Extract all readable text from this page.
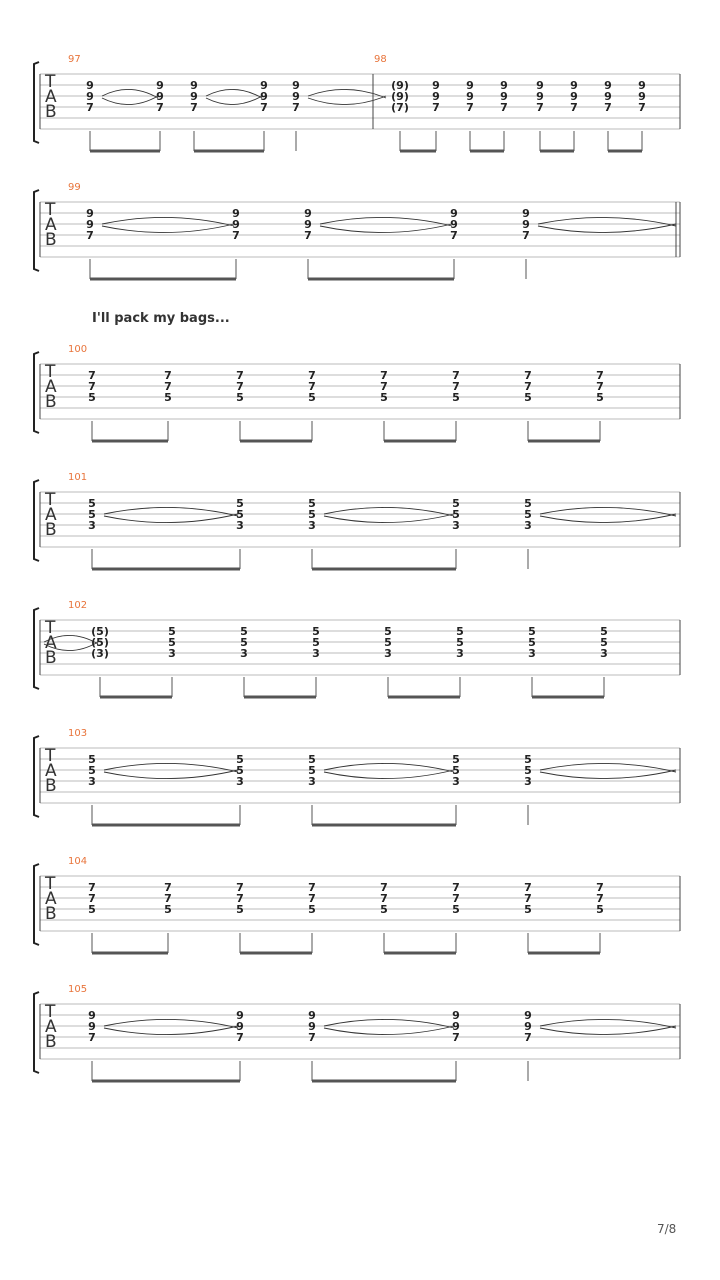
T
A
B
97
9
9
7
9
9
7
9
9
7
9
9
7
9
9
7
98
(9)
(9)
(7)
9
9
7
9
9
7
9
9
7
9
9
7
9
9
7
9
9
7
9
9
7
T
A
B
99
9
9
7
9
9
7
9
9
7
9
9
7
9
9
7
T
A
B
100
7
7
5
7
7
5
7
7
5
7
7
5
7
7
5
7
7
5
7
7
5
7
7
5
T
A
B
101
5
5
3
5
5
3
5
5
3
5
5
3
5
5
3
T
A
B
102
(5)
(5)
(3)
5
5
3
5
5
3
5
5
3
5
5
3
5
5
3
5
5
3
5
5
3
T
A
B
103
5
5
3
5
5
3
5
5
3
5
5
3
5
5
3
T
A
B
104
7
7
5
7
7
5
7
7
5
7
7
5
7
7
5
7
7
5
7
7
5
7
7
5
T
A
B
105
9
9
7
9
9
7
9
9
7
9
9
7
9
9
7

I'll pack my bags...

7/8
